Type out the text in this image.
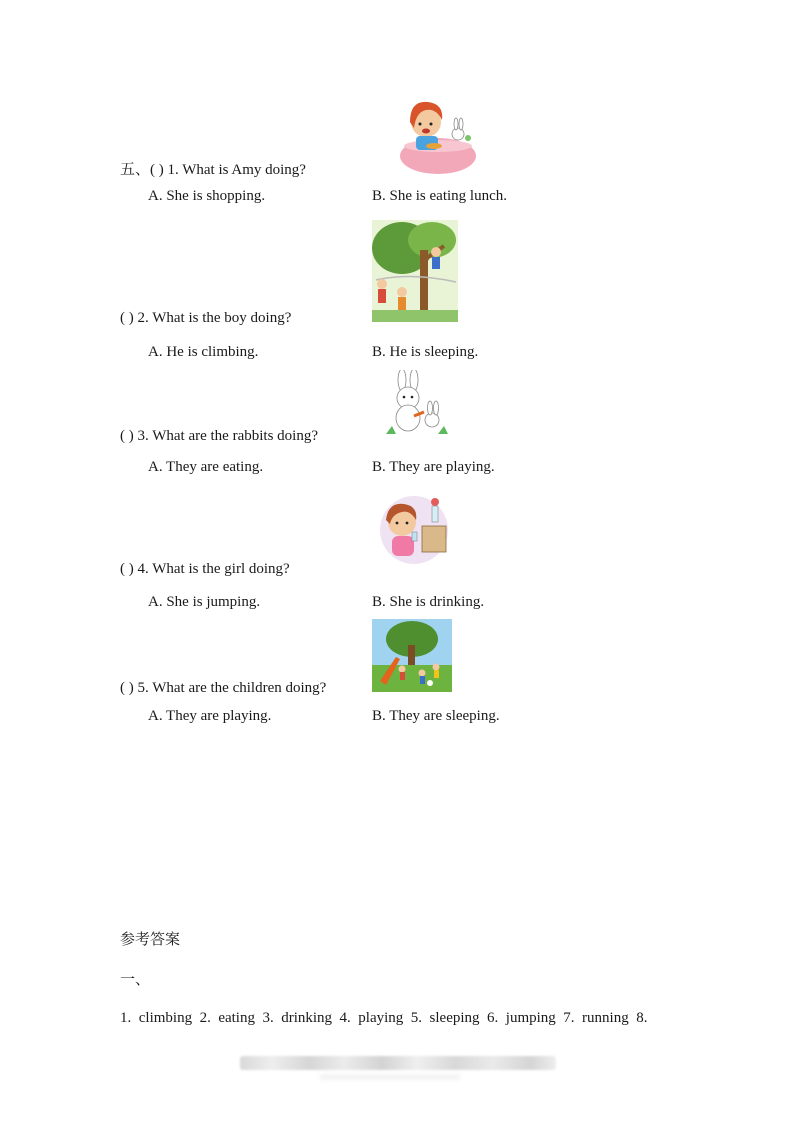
五、 ( ) 1. What is Amy doing?
A. She is shopping.	B. She is eating lunch.
( ) 2. What is the boy doing?
A. He is climbing.	B. He is sleeping.
( ) 3. What are the rabbits doing?
A. They are eating.	B. They are playing.
( ) 4. What is the girl doing?
A. She is jumping.	B. She is drinking.
( ) 5. What are the children doing?
A. They are playing.	B. They are sleeping.
参考答案
一、
1.  climbing  2.  eating  3.  drinking  4.  playing  5.  sleeping  6.  jumping  7.  running  8.
